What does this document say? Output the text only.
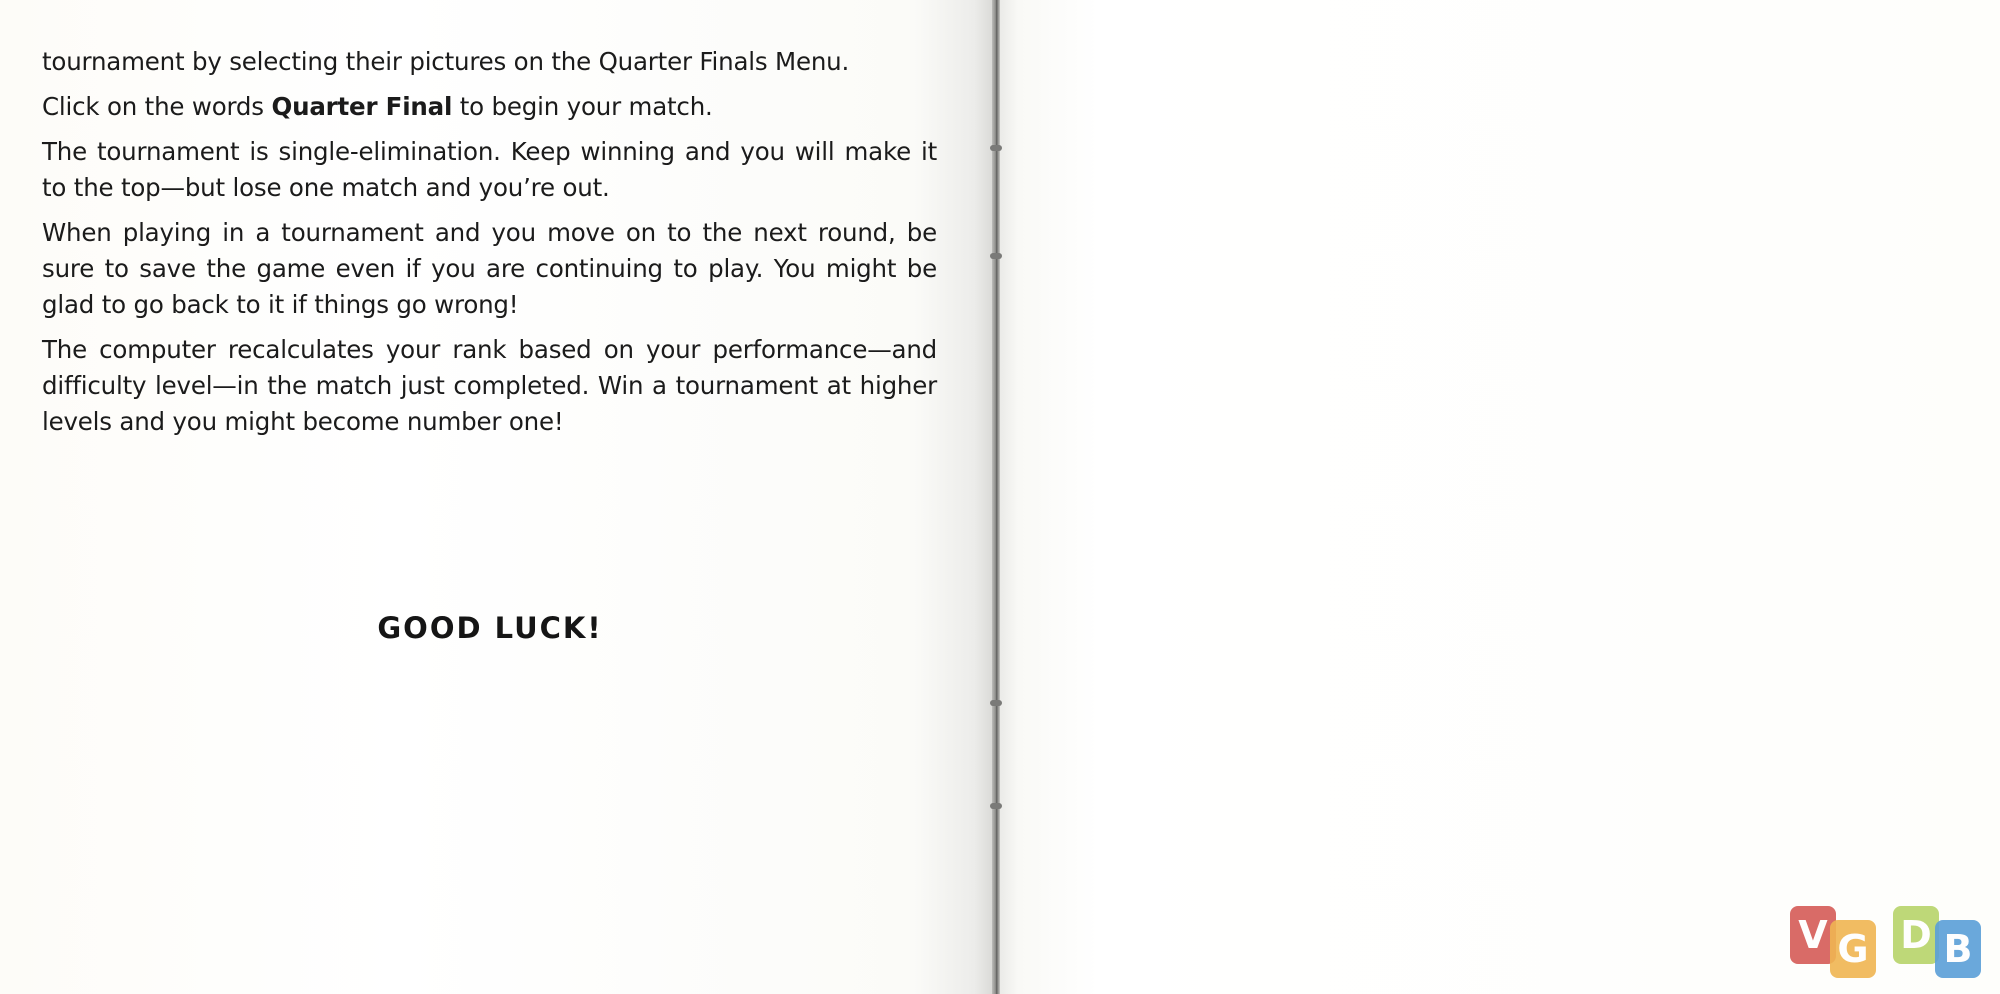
tournament by selecting their pictures on the Quarter Finals Menu.

Click on the words Quarter Final to begin your match.

The tournament is single-elimination. Keep winning and you will make it to the top—but lose one match and you’re out.

When playing in a tournament and you move on to the next round, be sure to save the game even if you are continuing to play. You might be glad to go back to it if things go wrong!

The computer recalculates your rank based on your performance—and difficulty level—in the match just completed. Win a tournament at higher levels and you might become number one!

GOOD LUCK!
V G D B
